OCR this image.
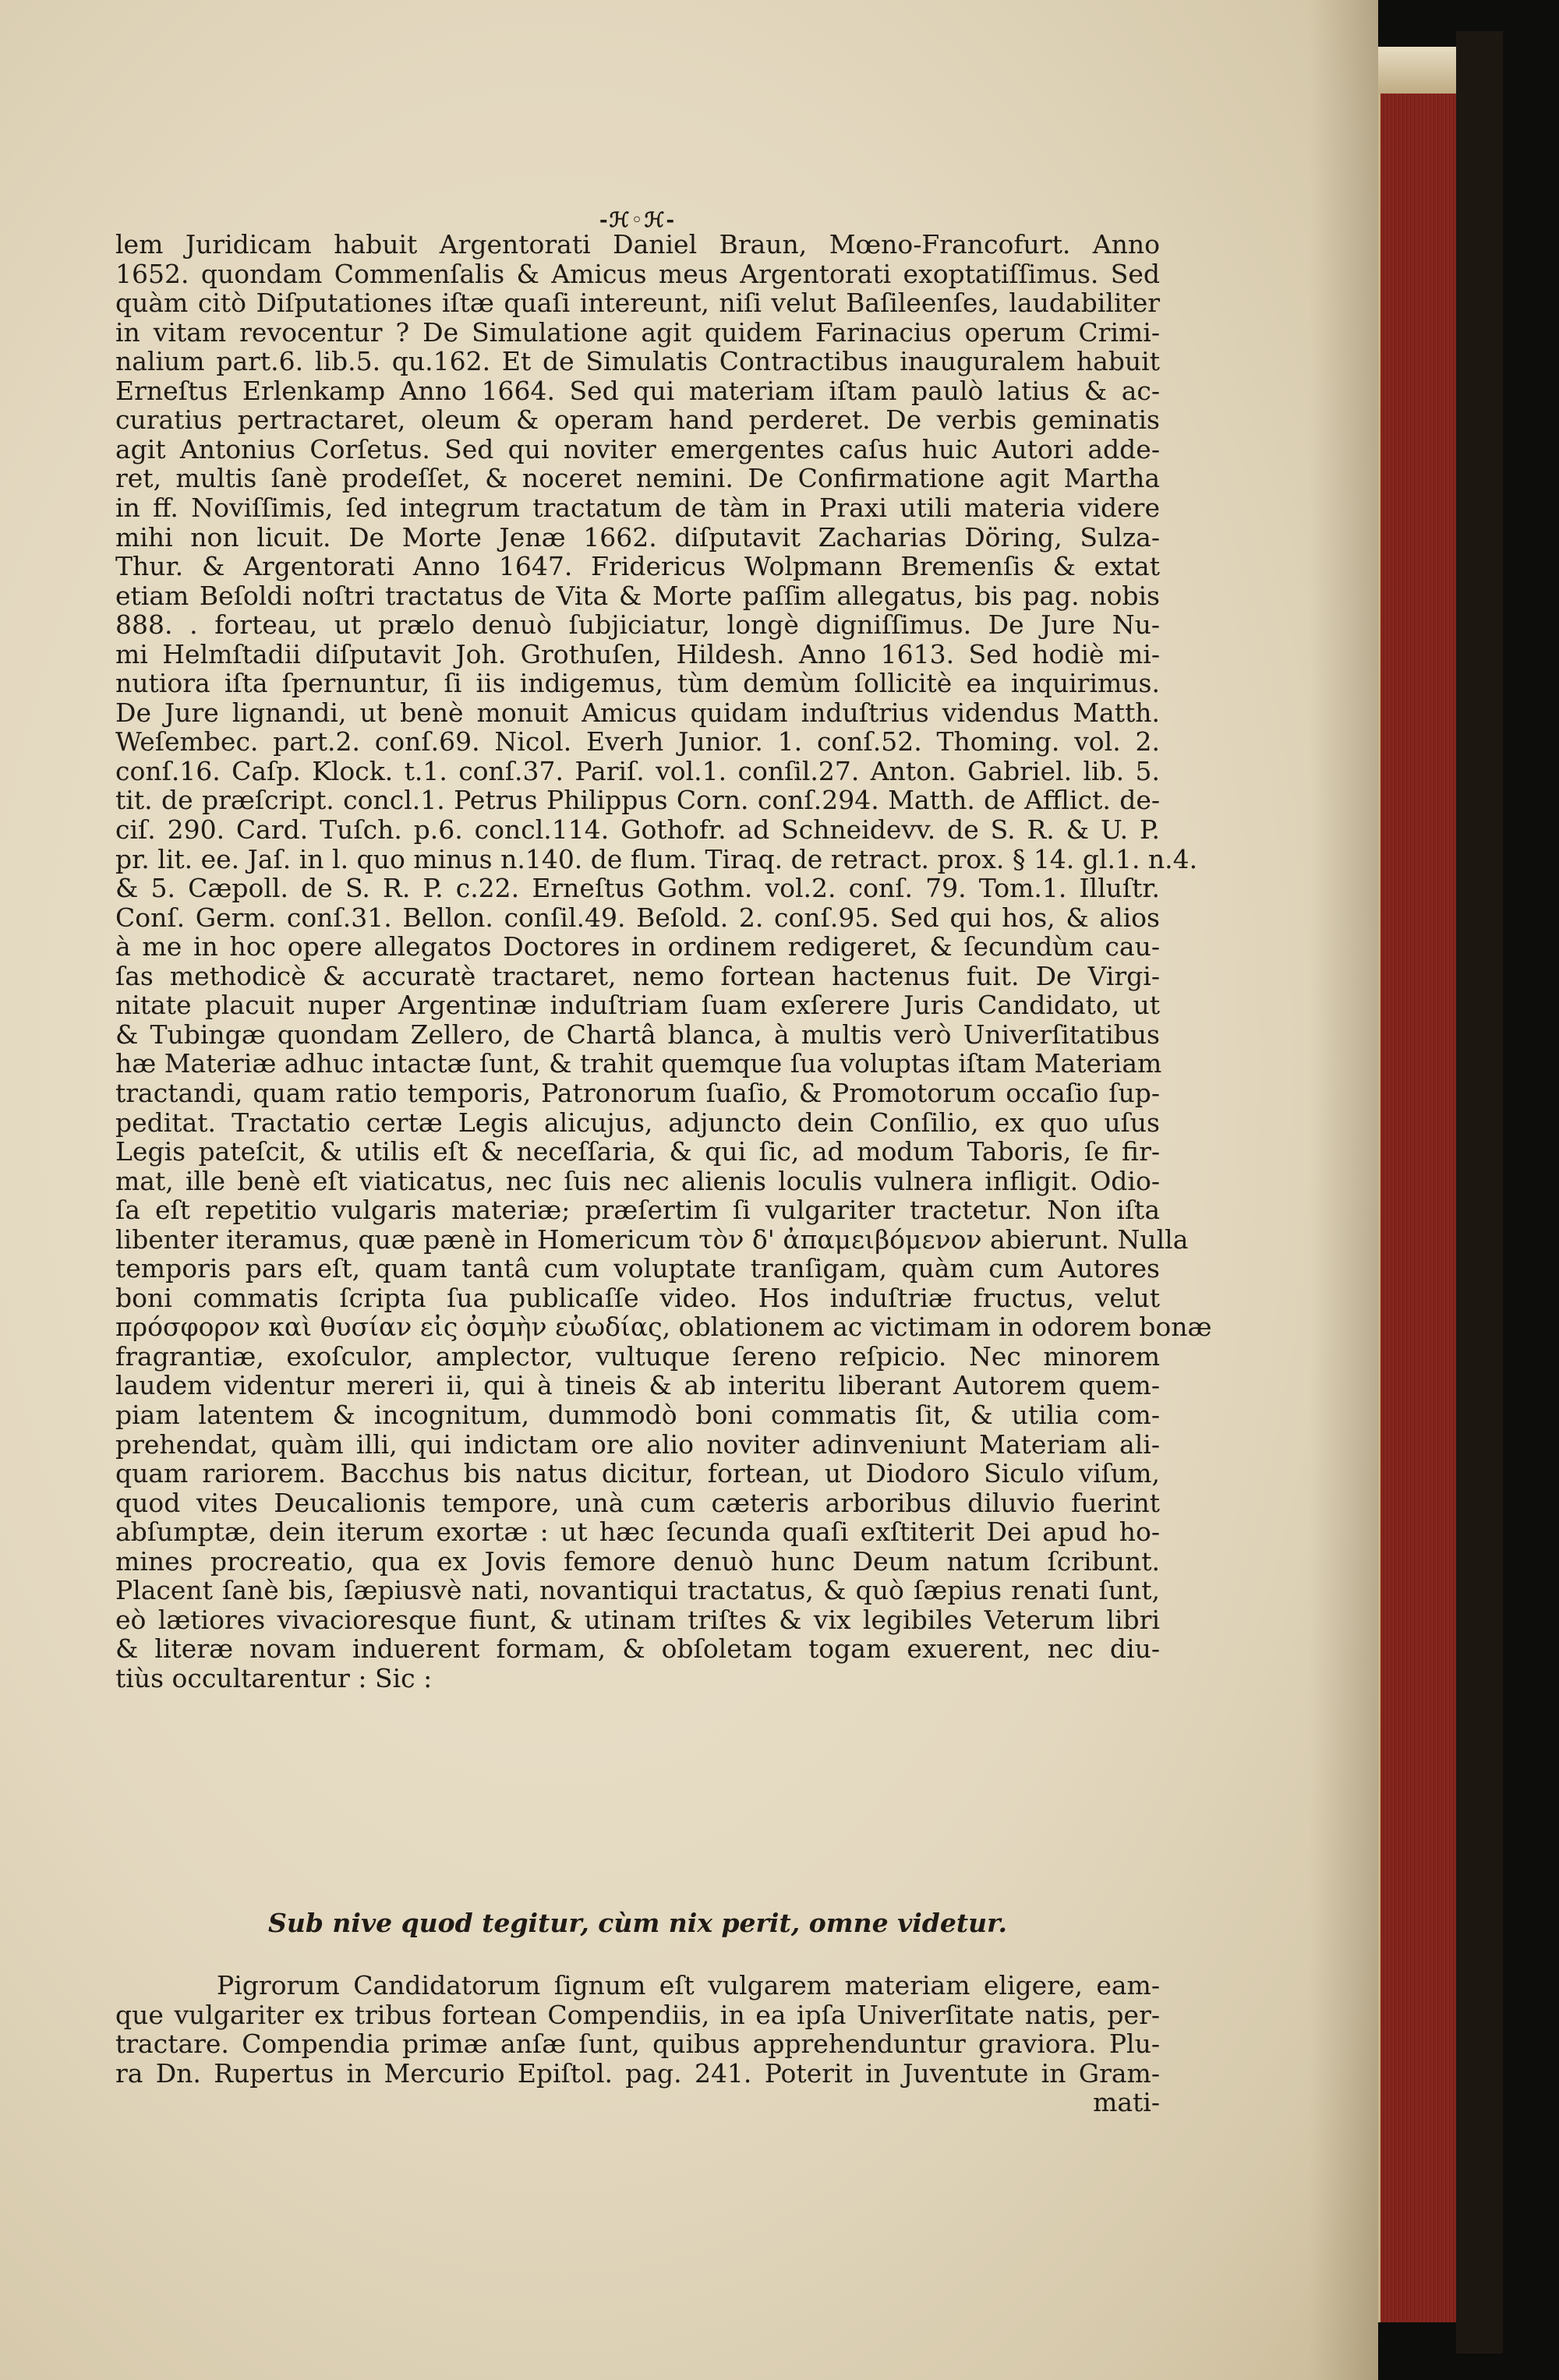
-ℋ◦ℋ-
lem Juridicam habuit Argentorati Daniel Braun, Mœno-Francofurt. Anno
1652. quondam Commenſalis & Amicus meus Argentorati exoptatiſſimus. Sed
quàm citò Diſputationes iſtæ quaſi intereunt, niſi velut Baſileenſes, laudabiliter
in vitam revocentur ? De Simulatione agit quidem Farinacius operum Crimi-
nalium part.6. lib.5. qu.162. Et de Simulatis Contractibus inauguralem habuit
Erneſtus Erlenkamp Anno 1664. Sed qui materiam iſtam paulò latius & ac-
curatius pertractaret, oleum & operam hand perderet. De verbis geminatis
agit Antonius Corſetus. Sed qui noviter emergentes caſus huic Autori adde-
ret, multis ſanè prodeſſet, & noceret nemini. De Confirmatione agit Martha
in ff. Noviſſimis, ſed integrum tractatum de tàm in Praxi utili materia videre
mihi non licuit. De Morte Jenæ 1662. diſputavit Zacharias Döring, Sulza-
Thur. & Argentorati Anno 1647. Fridericus Wolpmann Bremenſis & extat
etiam Beſoldi noſtri tractatus de Vita & Morte paſſim allegatus, bis pag. nobis
888. . forteau, ut prælo denuò ſubjiciatur, longè digniſſimus. De Jure Nu-
mi Helmſtadii diſputavit Joh. Grothuſen, Hildesh. Anno 1613. Sed hodiè mi-
nutiora iſta ſpernuntur, ſi iis indigemus, tùm demùm ſollicitè ea inquirimus.
De Jure lignandi, ut benè monuit Amicus quidam induſtrius videndus Matth.
Weſembec. part.2. conſ.69. Nicol. Everh Junior. 1. conſ.52. Thoming. vol. 2.
conſ.16. Caſp. Klock. t.1. conſ.37. Pariſ. vol.1. conſil.27. Anton. Gabriel. lib. 5.
tit. de præſcript. concl.1. Petrus Philippus Corn. conſ.294. Matth. de Afflict. de-
ciſ. 290. Card. Tuſch. p.6. concl.114. Gothofr. ad Schneidevv. de S. R. & U. P.
pr. lit. ee. Jaſ. in l. quo minus n.140. de flum. Tiraq. de retract. prox. § 14. gl.1. n.4.
& 5. Cæpoll. de S. R. P. c.22. Erneſtus Gothm. vol.2. conſ. 79. Tom.1. Illuſtr.
Conſ. Germ. conſ.31. Bellon. conſil.49. Beſold. 2. conſ.95. Sed qui hos, & alios
à me in hoc opere allegatos Doctores in ordinem redigeret, & ſecundùm cau-
ſas methodicè & accuratè tractaret, nemo fortean hactenus fuit. De Virgi-
nitate placuit nuper Argentinæ induſtriam ſuam exſerere Juris Candidato, ut
& Tubingæ quondam Zellero, de Chartâ blanca, à multis verò Univerſitatibus
hæ Materiæ adhuc intactæ ſunt, & trahit quemque ſua voluptas iſtam Materiam
tractandi, quam ratio temporis, Patronorum ſuaſio, & Promotorum occaſio ſup-
peditat. Tractatio certæ Legis alicujus, adjuncto dein Conſilio, ex quo uſus
Legis pateſcit, & utilis eſt & neceſſaria, & qui ſic, ad modum Taboris, ſe fir-
mat, ille benè eſt viaticatus, nec ſuis nec alienis loculis vulnera infligit. Odio-
ſa eſt repetitio vulgaris materiæ; præſertim ſi vulgariter tractetur. Non iſta
libenter iteramus, quæ pænè in Homericum τὸν δ' ἀπαμειβόμενον abierunt. Nulla
temporis pars eſt, quam tantâ cum voluptate tranſigam, quàm cum Autores
boni commatis ſcripta ſua publicaſſe video. Hos induſtriæ fructus, velut
πρόσφορον καὶ θυσίαν εἰς ὀσμὴν εὐωδίας, oblationem ac victimam in odorem bonæ
fragrantiæ, exoſculor, amplector, vultuque ſereno reſpicio. Nec minorem
laudem videntur mereri ii, qui à tineis & ab interitu liberant Autorem quem-
piam latentem & incognitum, dummodò boni commatis ſit, & utilia com-
prehendat, quàm illi, qui indictam ore alio noviter adinveniunt Materiam ali-
quam rariorem. Bacchus bis natus dicitur, fortean, ut Diodoro Siculo viſum,
quod vites Deucalionis tempore, unà cum cæteris arboribus diluvio fuerint
abſumptæ, dein iterum exortæ : ut hæc ſecunda quaſi exſtiterit Dei apud ho-
mines procreatio, qua ex Jovis femore denuò hunc Deum natum ſcribunt.
Placent ſanè bis, ſæpiusvè nati, novantiqui tractatus, & quò ſæpius renati ſunt,
eò lætiores vivacioresque fiunt, & utinam triſtes & vix legibiles Veterum libri
& literæ novam induerent formam, & obſoletam togam exuerent, nec diu-
tiùs occultarentur : Sic :
Sub nive quod tegitur, cùm nix perit, omne videtur.
Pigrorum Candidatorum ſignum eſt vulgarem materiam eligere, eam-
que vulgariter ex tribus fortean Compendiis, in ea ipſa Univerſitate natis, per-
tractare. Compendia primæ anſæ ſunt, quibus apprehenduntur graviora. Plu-
ra Dn. Rupertus in Mercurio Epiſtol. pag. 241. Poterit in Juventute in Gram-
mati-
